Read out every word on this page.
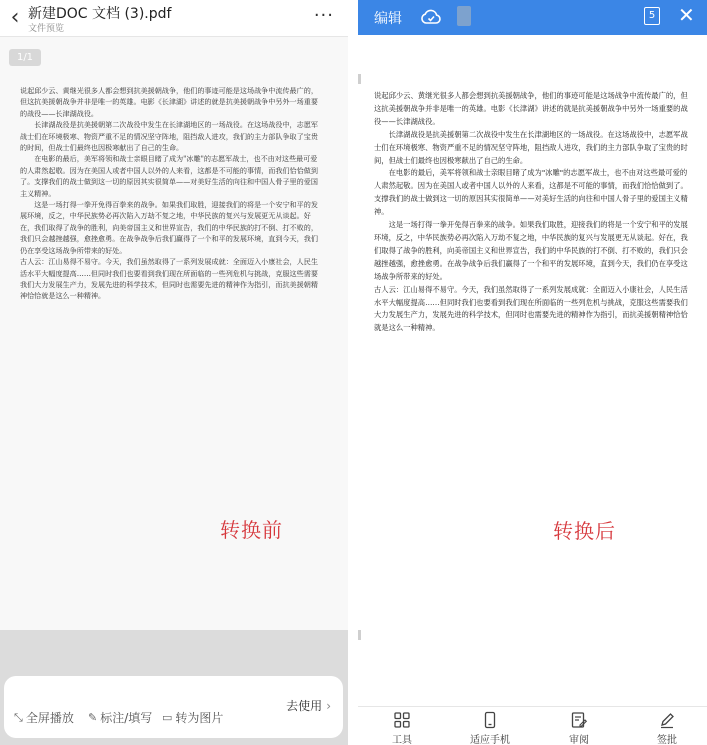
‹ 新建DOC 文档 (3).pdf
文件预览
···
1/1

说起邱少云、黄继光很多人都会想到抗美援朝战争，他们的事迹可能是这场战争中流传最广的，但这抗美援朝战争并非是唯一的英雄。电影《长津湖》讲述的就是抗美援朝战争中另外一场重要的战役——长津湖战役。

长津湖战役是抗美援朝第二次战役中发生在长津湖地区的一场战役。在这场战役中，志愿军战士们在环境极寒、物资严重不足的情况坚守阵地，阻挡敌人进攻，我们的主力部队争取了宝贵的时间，但战士们最终也因极寒献出了自己的生命。

在电影的最后，美军将领和战士亲眼目睹了成为"冰雕"的志愿军战士，也不由对这些最可爱的人肃然起敬。因为在美国人或者中国人以外的人来看，这都是不可能的事情，而我们恰恰做到了。支撑我们的战士做到这一切的原因其实很简单——对美好生活的向往和中国人骨子里的爱国主义精神。

这是一场打得一拳开免得百拳来的战争。如果我们取胜，迎接我们的将是一个安宁和平的发展环境，反之，中华民族势必再次陷入万劫不复之地，中华民族的复兴与发展更无从谈起。好在，我们取得了战争的胜利，向美帝国主义和世界宣告，我们的中华民族的打不倒、打不败的，我们只会越挫越强，愈挫愈勇。在战争战争后我们赢得了一个和平的发展环境，直到今天，我们仍在享受这场战争所带来的好处。

古人云：江山易得不易守。今天，我们虽然取得了一系列发展成就：全面迈入小康社会，人民生活水平大幅度提高……但同时我们也要看到我们现在所面临的一些列危机与挑战，克服这些需要我们大力发展生产力，发展先进的科学技术，但同时也需要先进的精神作为指引，而抗美援朝精神恰恰就是这么一种精神。

转换前
⤡ 全屏播放 ✎ 标注/填写 ▭ 转为图片
去使用 ›
编辑	5 ✕

说起邱少云、黄继光很多人都会想到抗美援朝战争，他们的事迹可能是这场战争中流传最广的，但这抗美援朝战争并非是唯一的英雄。电影《长津湖》讲述的就是抗美援朝战争中另外一场重要的战役——长津湖战役。

长津湖战役是抗美援朝第二次战役中发生在长津湖地区的一场战役。在这场战役中，志愿军战士们在环境极寒、物资严重不足的情况坚守阵地，阻挡敌人进攻，我们的主力部队争取了宝贵的时间，但战士们最终也因极寒献出了自己的生命。

在电影的最后，美军将领和战士亲眼目睹了成为"冰雕"的志愿军战士，也不由对这些最可爱的人肃然起敬。因为在美国人或者中国人以外的人来看，这都是不可能的事情，而我们恰恰做到了。支撑我们的战士做到这一切的原因其实很简单——对美好生活的向往和中国人骨子里的爱国主义精神。

这是一场打得一拳开免得百拳来的战争。如果我们取胜，迎接我们的将是一个安宁和平的发展环境，反之，中华民族势必再次陷入万劫不复之地，中华民族的复兴与发展更无从谈起。好在，我们取得了战争的胜利，向美帝国主义和世界宣告，我们的中华民族的打不倒、打不败的，我们只会越挫越强，愈挫愈勇。在战争战争后我们赢得了一个和平的发展环境，直到今天，我们仍在享受这场战争所带来的好处。

古人云：江山易得不易守。今天，我们虽然取得了一系列发展成就：全面迈入小康社会，人民生活水平大幅度提高……但同时我们也要看到我们现在所面临的一些列危机与挑战，克服这些需要我们大力发展生产力，发展先进的科学技术，但同时也需要先进的精神作为指引，而抗美援朝精神恰恰就是这么一种精神。

转换后
工具	适应手机	审阅	签批
